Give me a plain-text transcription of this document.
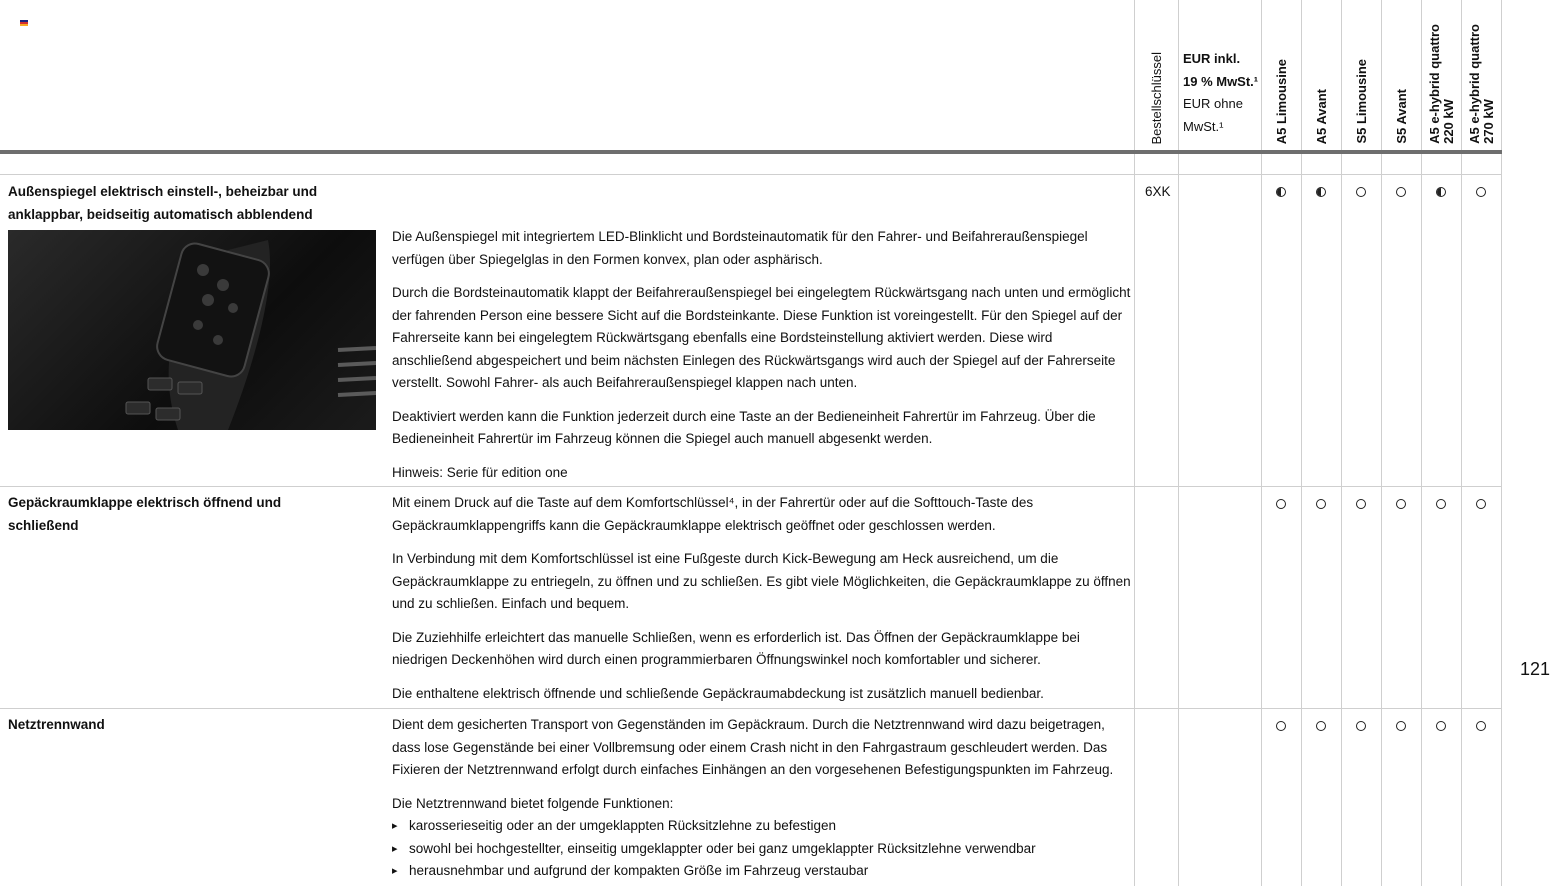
Bestellschlüssel EUR inkl.
19 % MwSt.¹
EUR ohne
MwSt.¹	A5 Limousine A5 Avant S5 Limousine S5 Avant A5 e-hybrid quattro
220 kW
A5 e-hybrid quattro
270 kW
Außenspiegel elektrisch einstell-, beheizbar und anklappbar, beidseitig automatisch abblendend
6XK

Die Außenspiegel mit integriertem LED-Blinklicht und Bordsteinautomatik für den Fahrer- und Beifahreraußenspiegel verfügen über Spiegelglas in den Formen konvex, plan oder asphärisch.

Durch die Bordsteinautomatik klappt der Beifahreraußenspiegel bei eingelegtem Rückwärtsgang nach unten und ermöglicht der fahrenden Person eine bessere Sicht auf die Bordsteinkante. Diese Funktion ist voreingestellt. Für den Spiegel auf der Fahrerseite kann bei eingelegtem Rückwärtsgang ebenfalls eine Bordsteinstellung aktiviert werden. Diese wird anschließend abgespeichert und beim nächsten Einlegen des Rückwärtsgangs wird auch der Spiegel auf der Fahrerseite verstellt. Sowohl Fahrer- als auch Beifahreraußenspiegel klappen nach unten.

Deaktiviert werden kann die Funktion jederzeit durch eine Taste an der Bedieneinheit Fahrertür im Fahrzeug. Über die Bedieneinheit Fahrertür im Fahrzeug können die Spiegel auch manuell abgesenkt werden.

Hinweis: Serie für edition one

Gepäckraumklappe elektrisch öffnend und schließend

Mit einem Druck auf die Taste auf dem Komfortschlüssel⁴, in der Fahrertür oder auf die Softtouch-Taste des Gepäckraumklappengriffs kann die Gepäckraumklappe elektrisch geöffnet oder geschlossen werden.

In Verbindung mit dem Komfortschlüssel ist eine Fußgeste durch Kick-Bewegung am Heck ausreichend, um die Gepäckraumklappe zu entriegeln, zu öffnen und zu schließen. Es gibt viele Möglichkeiten, die Gepäckraumklappe zu öffnen und zu schließen. Einfach und bequem.

Die Zuziehhilfe erleichtert das manuelle Schließen, wenn es erforderlich ist. Das Öffnen der Gepäckraumklappe bei niedrigen Deckenhöhen wird durch einen programmierbaren Öffnungswinkel noch komfortabler und sicherer.

Die enthaltene elektrisch öffnende und schließende Gepäckraumabdeckung ist zusätzlich manuell bedienbar.

Netztrennwand	Dient dem gesicherten Transport von Gegenständen im Gepäckraum. Durch die Netztrennwand wird dazu beigetragen, dass lose Gegenstände bei einer Vollbremsung oder einem Crash nicht in den Fahrgastraum geschleudert werden. Das Fixieren der Netztrennwand erfolgt durch einfaches Einhängen an den vorgesehenen Befestigungspunkten im Fahrzeug.

Die Netztrennwand bietet folgende Funktionen:

▸ karosserieseitig oder an der umgeklappten Rücksitzlehne zu befestigen
▸ sowohl bei hochgestellter, einseitig umgeklappter oder bei ganz umgeklappter Rücksitzlehne verwendbar
▸ herausnehmbar und aufgrund der kompakten Größe im Fahrzeug verstaubar
121
